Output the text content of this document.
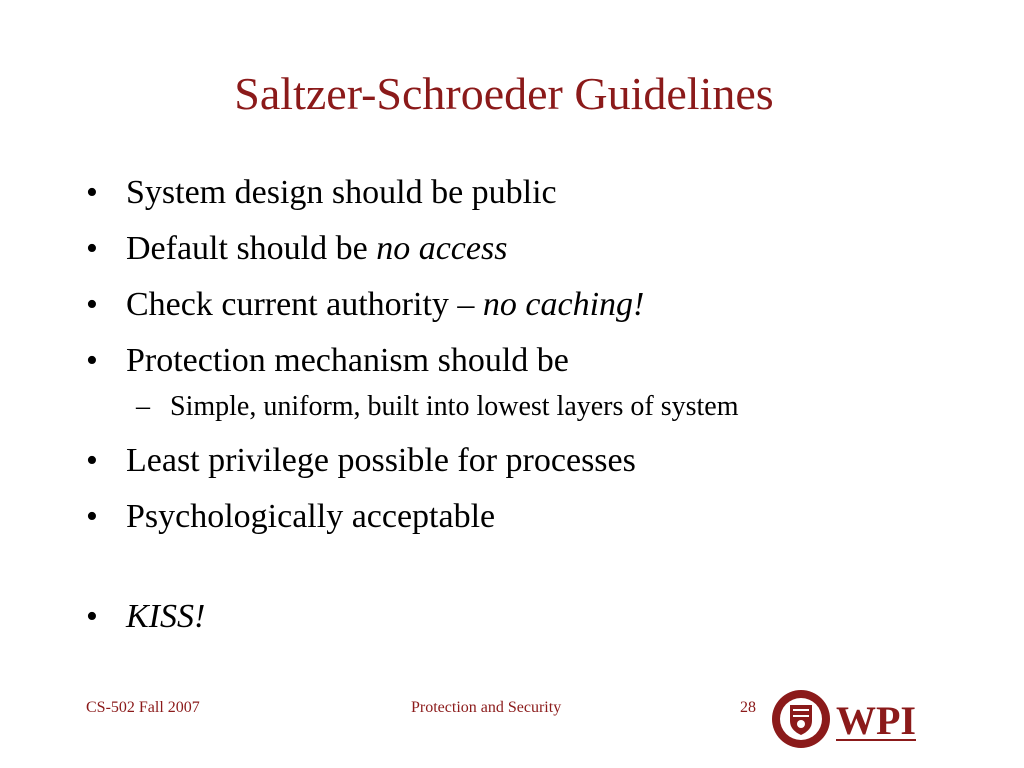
Saltzer-Schroeder Guidelines
• System design should be public
• Default should be no access
• Check current authority – no caching!
• Protection mechanism should be
– Simple, uniform, built into lowest layers of system
• Least privilege possible for processes
• Psychologically acceptable
• KISS!
CS-502 Fall 2007	Protection and Security	28 WPI
